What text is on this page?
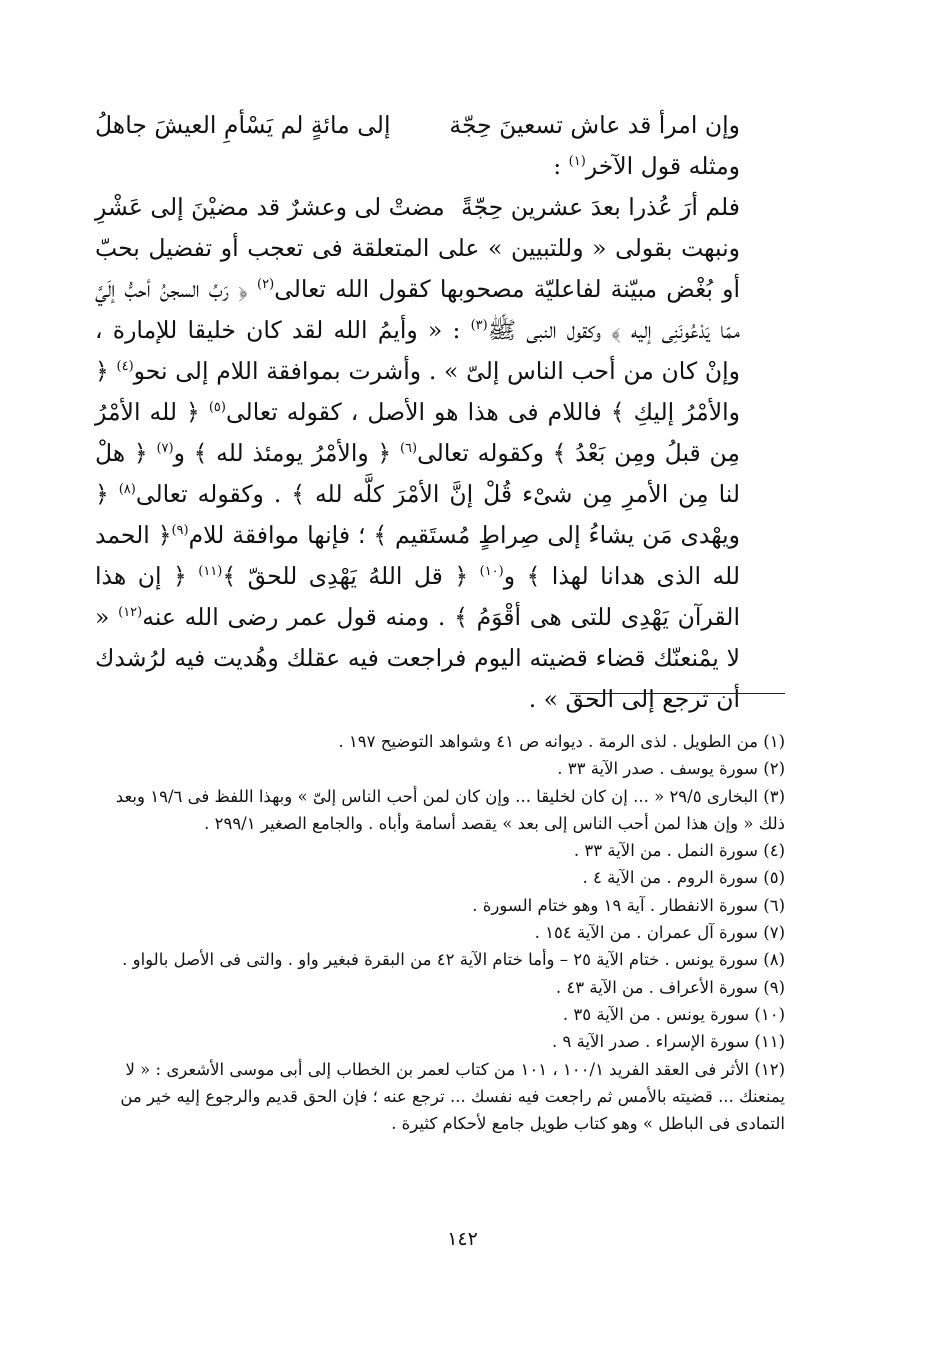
وإن امرأ قد عاش تسعينَ حِجّة
إلى مائةٍ لم يَسْأمِ العيشَ جاهلُ

ومثله قول الآخر$^{(١)}$ :

فلم أرَ عُذرا بعدَ عشرين حِجّةً
مضتْ لى وعشرٌ قد مضيْنَ إلى عَشْرِ

ونبهت بقولى « وللتبيين » على المتعلقة فى تعجب أو تفضيل بحبّ أو بُغْض مبيّنة لفاعليّة مصحوبها كقول الله تعالى$^{(٢)}$ ﴿ رَبِّ السجنُ أحبُّ إلَيَّ ممّا يَدْعُونَنِى إليه ﴾ وكقول النبى ﷺ$^{(٣)}$ : « وأيمُ الله لقد كان خليقا للإمارة ، وإنْ كان من أحب الناس إلىّ » . وأشرت بموافقة اللام إلى نحو$^{(٤)}$ ﴿ والأمْرُ إليكِ ﴾ فاللام فى هذا هو الأصل ، كقوله تعالى$^{(٥)}$ ﴿ لله الأمْرُ مِن قبلُ ومِن بَعْدُ ﴾ وكقوله تعالى$^{(٦)}$ ﴿ والأمْرُ يومئذ لله ﴾ و$^{(٧)}$ ﴿ هلْ لنا مِن الأمرِ مِن شىْء قُلْ إنَّ الأمْرَ كلَّه لله ﴾ . وكقوله تعالى$^{(٨)}$ ﴿ ويهْدى مَن يشاءُ إلى صِراطٍ مُستَقيم ﴾ ؛ فإنها موافقة للام$^{(٩)}$﴿ الحمد لله الذى هدانا لهذا ﴾ و$^{(١٠)}$ ﴿ قل اللهُ يَهْدِى للحقّ ﴾$^{(١١)}$ ﴿ إن هذا القرآن يَهْدِى للتى هى أقْوَمُ ﴾ . ومنه قول عمر رضى الله عنه$^{(١٢)}$ « لا يمْنعنّك قضاء قضيته اليوم فراجعت فيه عقلك وهُديت فيه لرُشدك أن ترجع إلى الحق » .

(١) من الطويل . لذى الرمة . ديوانه ص ٤١ وشواهد التوضيح ١٩٧ .
(٢) سورة يوسف . صدر الآية ٣٣ .
(٣) البخارى ٢٩/٥ « ... إن كان لخليقا ... وإن كان لمن أحب الناس إلىّ » وبهذا اللفظ فى ١٩/٦ وبعد ذلك « وإن هذا لمن أحب الناس إلى بعد » يقصد أسامة وأباه . والجامع الصغير ٢٩٩/١ .
(٤) سورة النمل . من الآية ٣٣ .
(٥) سورة الروم . من الآية ٤ .
(٦) سورة الانفطار . آية ١٩ وهو ختام السورة .
(٧) سورة آل عمران . من الآية ١٥٤ .
(٨) سورة يونس . ختام الآية ٢٥ – وأما ختام الآية ٤٢ من البقرة فبغير واو . والتى فى الأصل بالواو .
(٩) سورة الأعراف . من الآية ٤٣ .
(١٠) سورة يونس . من الآية ٣٥ .
(١١) سورة الإسراء . صدر الآية ٩ .
(١٢) الأثر فى العقد الفريد ١٠٠/١ ، ١٠١ من كتاب لعمر بن الخطاب إلى أبى موسى الأشعرى : « لا يمنعنك ... قضيته بالأمس ثم راجعت فيه نفسك ... ترجع عنه ؛ فإن الحق قديم والرجوع إليه خير من التمادى فى الباطل » وهو كتاب طويل جامع لأحكام كثيرة .
١٤٢
